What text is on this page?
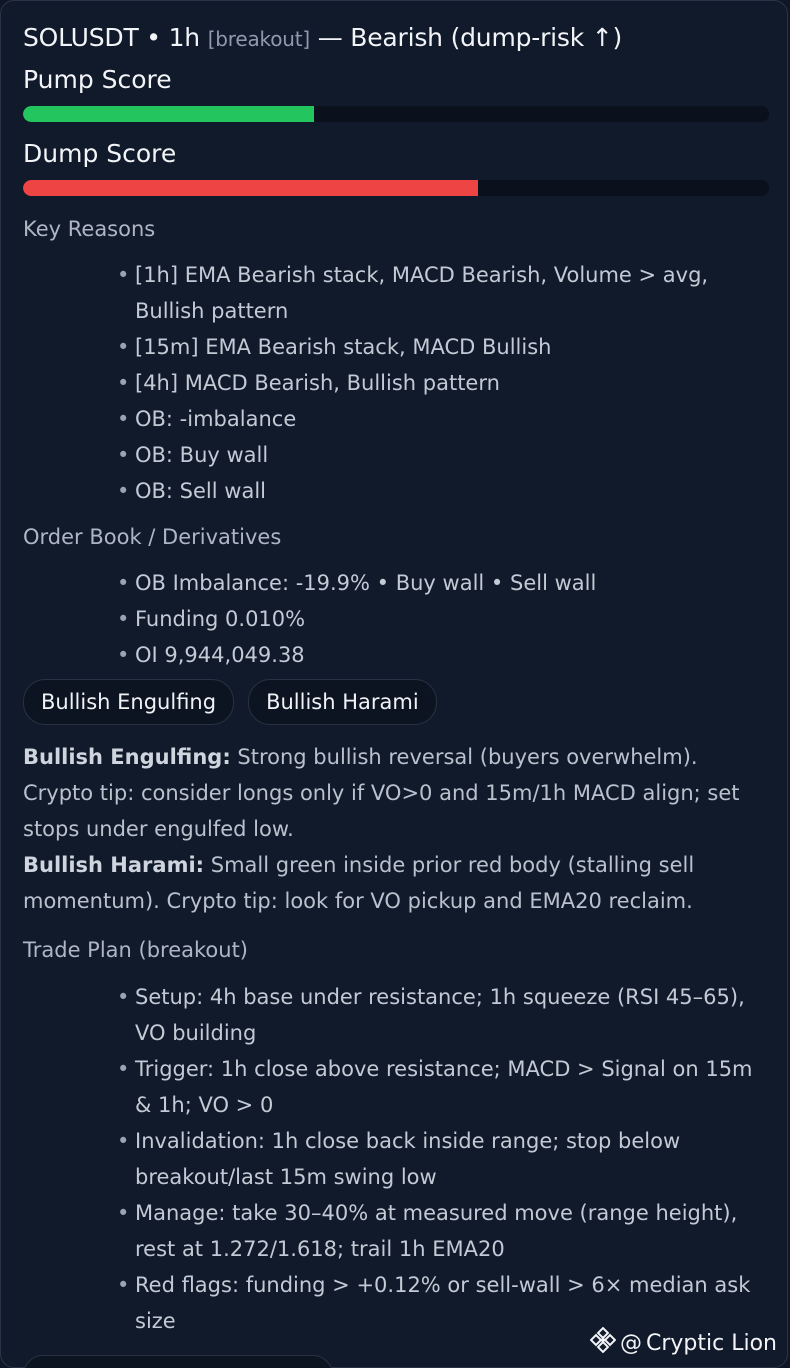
SOLUSDT • 1h [breakout] — Bearish (dump-risk ↑)
Pump Score
Dump Score
Key Reasons
• [1h] EMA Bearish stack, MACD Bearish, Volume > avg, Bullish pattern
• [15m] EMA Bearish stack, MACD Bullish
• [4h] MACD Bearish, Bullish pattern
• OB: -imbalance
• OB: Buy wall
• OB: Sell wall
Order Book / Derivatives
• OB Imbalance: -19.9% • Buy wall • Sell wall
• Funding 0.010%
• OI 9,944,049.38
Bullish Engulfing	Bullish Harami
Bullish Engulfing: Strong bullish reversal (buyers overwhelm). Crypto tip: consider longs only if VO>0 and 15m/1h MACD align; set stops under engulfed low.
Bullish Harami: Small green inside prior red body (stalling sell momentum). Crypto tip: look for VO pickup and EMA20 reclaim.
Trade Plan (breakout)
• Setup: 4h base under resistance; 1h squeeze (RSI 45–65), VO building
• Trigger: 1h close above resistance; MACD > Signal on 15m & 1h; VO > 0
• Invalidation: 1h close back inside range; stop below breakout/last 15m swing low
• Manage: take 30–40% at measured move (range height), rest at 1.272/1.618; trail 1h EMA20
• Red flags: funding > +0.12% or sell-wall > 6× median ask size
@ Cryptic Lion
